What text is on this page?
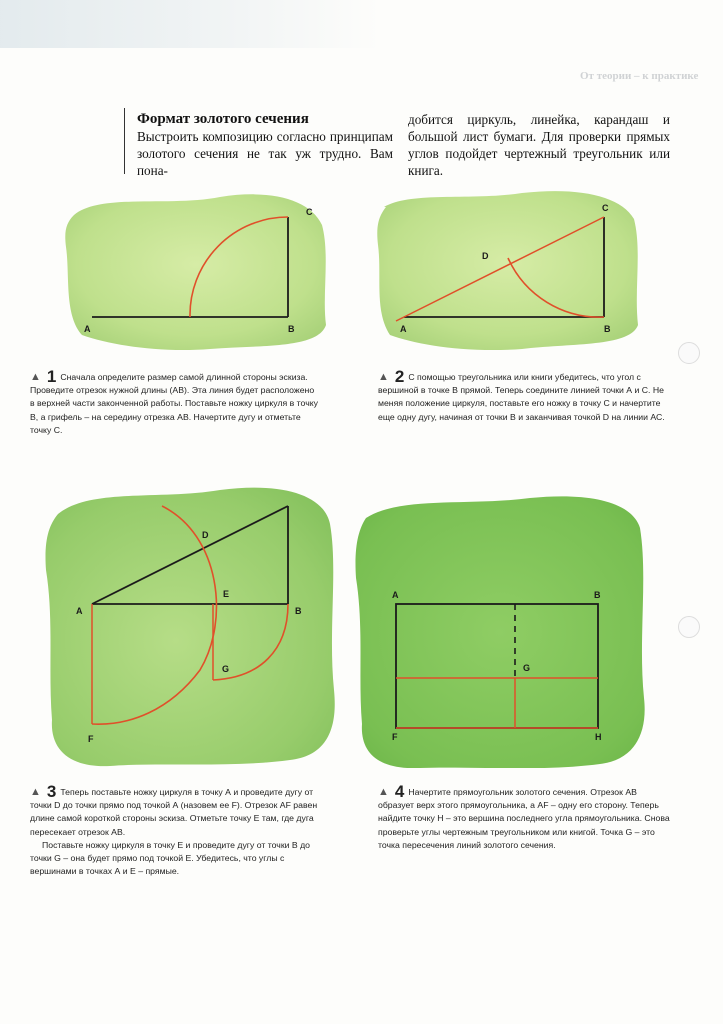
От теории – к практике
Формат золотого сечения
Выстроить композицию согласно принципам золотого сечения не так уж трудно. Вам пона-
добится циркуль, линейка, карандаш и большой лист бумаги. Для проверки прямых углов подойдет чертежный треугольник или книга.
A	B
C
A	B
C
D
A	B
D
E
F
G
A	B
F
G
H
▲ 1 Сначала определите размер самой длинной стороны эскиза. Проведите отрезок нужной длины (АВ). Эта линия будет расположено в верхней части законченной работы. Поставьте ножку циркуля в точку В, а грифель – на середину отрезка АВ. Начертите дугу и отметьте точку С.
▲ 2 С помощью треугольника или книги убедитесь, что угол с вершиной в точке В прямой. Теперь соедините линией точки А и С. Не меняя положение циркуля, поставьте его ножку в точку С и начертите еще одну дугу, начиная от точки В и заканчивая точкой D на линии АС.
▲ 3 Теперь поставьте ножку циркуля в точку А и проведите дугу от точки D до точки прямо под точкой А (назовем ее F). Отрезок AF равен длине самой короткой стороны эскиза. Отметьте точку Е там, где дуга пересекает отрезок АВ.
Поставьте ножку циркуля в точку Е и проведите дугу от точки В до точки G – она будет прямо под точкой Е. Убедитесь, что углы с вершинами в точках А и Е – прямые.
▲ 4 Начертите прямоугольник золотого сечения. Отрезок АВ образует верх этого прямоугольника, а AF – одну его сторону. Теперь найдите точку Н – это вершина последнего угла прямоугольника. Снова проверьте углы чертежным треугольником или книгой. Точка G – это точка пересечения линий золотого сечения.
